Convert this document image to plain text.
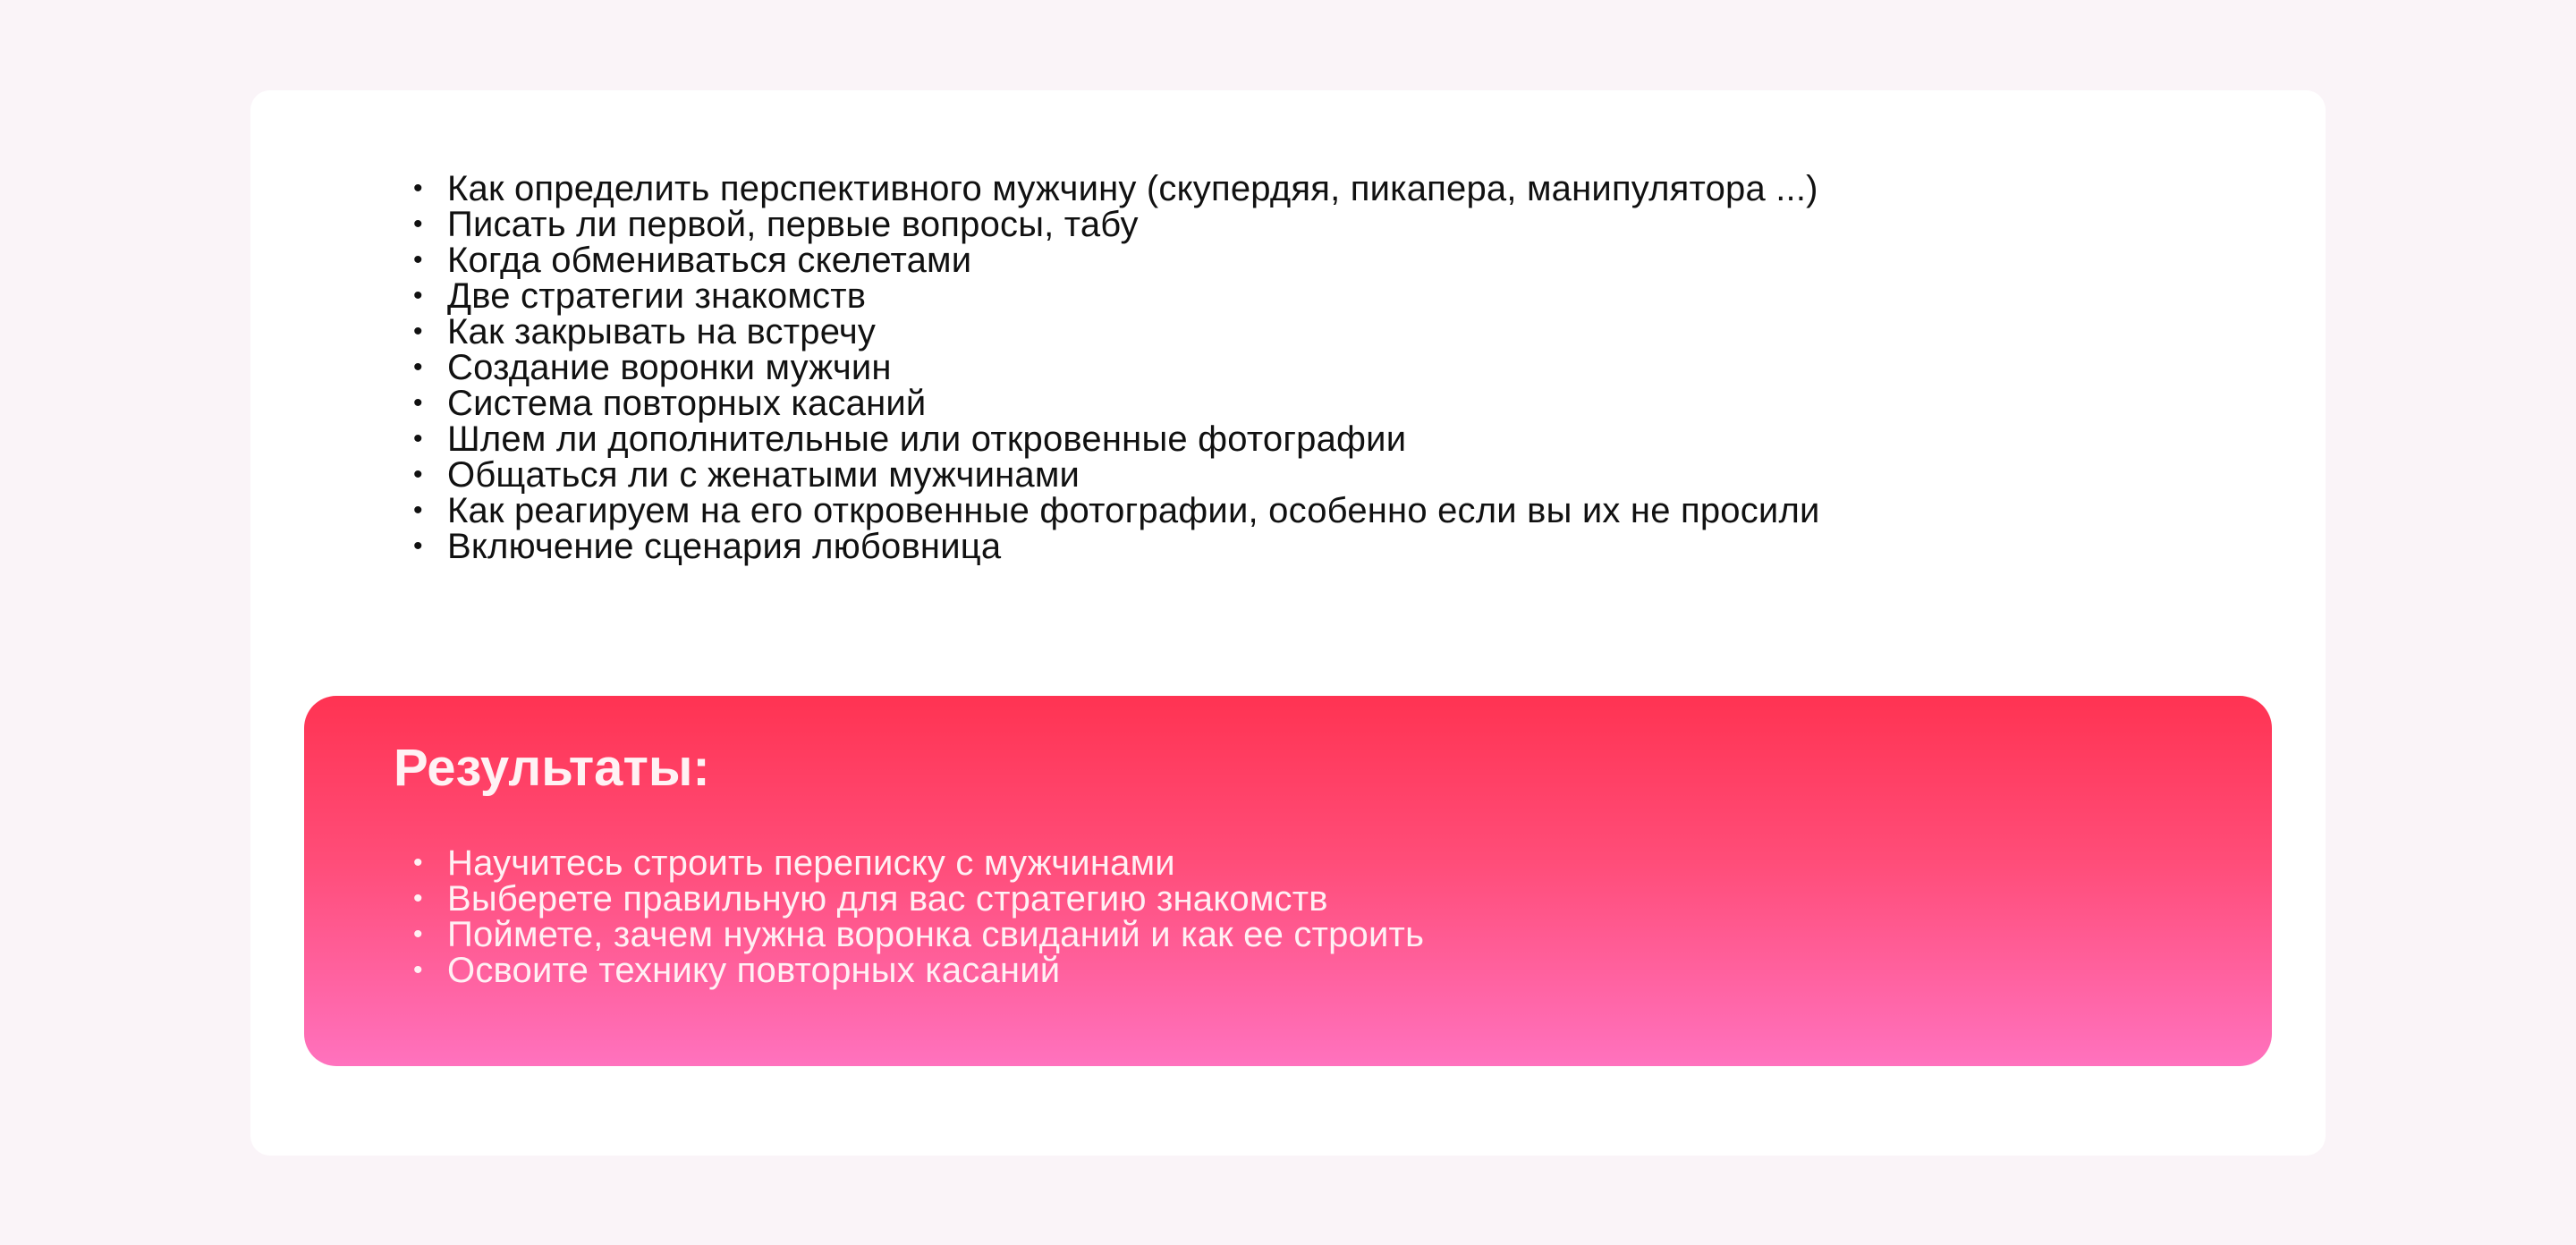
• Как определить перспективного мужчину (скупердяя, пикапера, манипулятора ...)
• Писать ли первой, первые вопросы, табу
• Когда обмениваться скелетами
• Две стратегии знакомств
• Как закрывать на встречу
• Создание воронки мужчин
• Система повторных касаний
• Шлем ли дополнительные или откровенные фотографии
• Общаться ли с женатыми мужчинами
• Как реагируем на его откровенные фотографии, особенно если вы их не просили
• Включение сценария любовница
Результаты:
• Научитесь строить переписку с мужчинами
• Выберете правильную для вас стратегию знакомств
• Поймете, зачем нужна воронка свиданий и как ее строить
• Освоите технику повторных касаний
